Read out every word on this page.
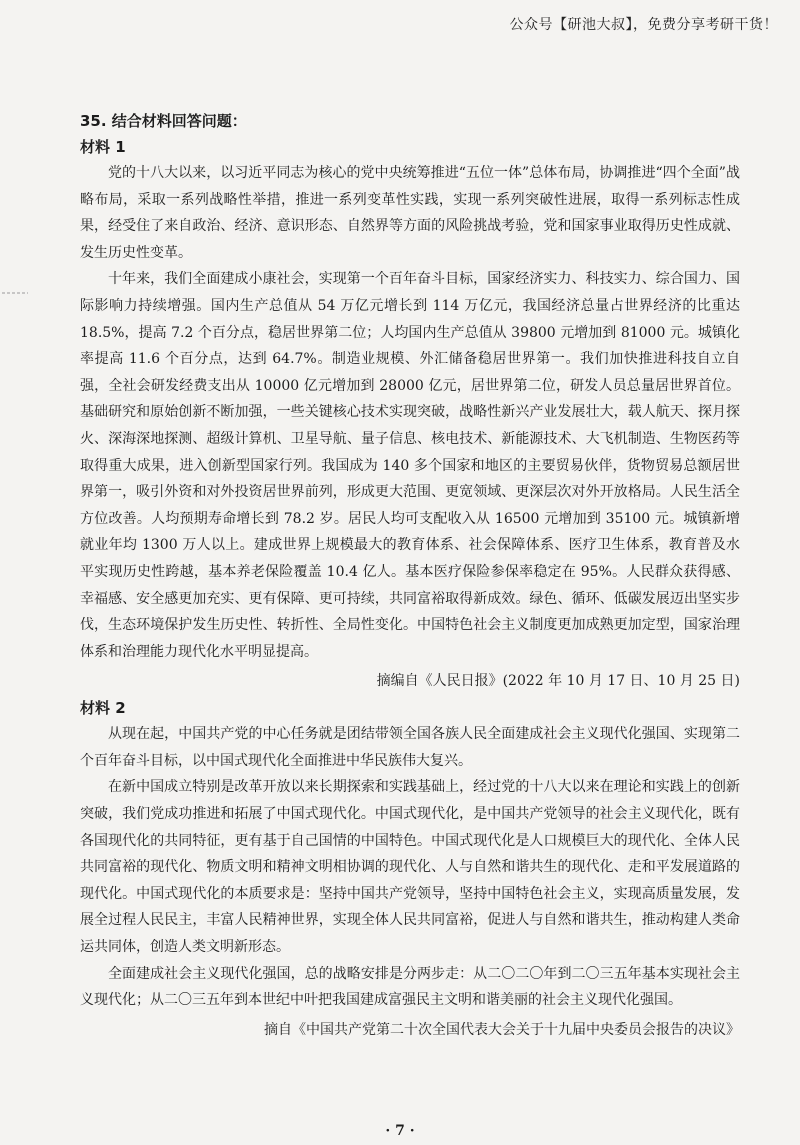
公众号【研池大叔】，免费分享考研干货！

35. 结合材料回答问题：

材料 1

党的十八大以来，以习近平同志为核心的党中央统筹推进“五位一体”总体布局，协调推进“四个全面”战略布局，采取一系列战略性举措，推进一系列变革性实践，实现一系列突破性进展，取得一系列标志性成果，经受住了来自政治、经济、意识形态、自然界等方面的风险挑战考验，党和国家事业取得历史性成就、发生历史性变革。

十年来，我们全面建成小康社会，实现第一个百年奋斗目标，国家经济实力、科技实力、综合国力、国际影响力持续增强。国内生产总值从 54 万亿元增长到 114 万亿元，我国经济总量占世界经济的比重达 18.5%，提高 7.2 个百分点，稳居世界第二位；人均国内生产总值从 39800 元增加到 81000 元。城镇化率提高 11.6 个百分点，达到 64.7%。制造业规模、外汇储备稳居世界第一。我们加快推进科技自立自强，全社会研发经费支出从 10000 亿元增加到 28000 亿元，居世界第二位，研发人员总量居世界首位。基础研究和原始创新不断加强，一些关键核心技术实现突破，战略性新兴产业发展壮大，载人航天、探月探火、深海深地探测、超级计算机、卫星导航、量子信息、核电技术、新能源技术、大飞机制造、生物医药等取得重大成果，进入创新型国家行列。我国成为 140 多个国家和地区的主要贸易伙伴，货物贸易总额居世界第一，吸引外资和对外投资居世界前列，形成更大范围、更宽领域、更深层次对外开放格局。人民生活全方位改善。人均预期寿命增长到 78.2 岁。居民人均可支配收入从 16500 元增加到 35100 元。城镇新增就业年均 1300 万人以上。建成世界上规模最大的教育体系、社会保障体系、医疗卫生体系，教育普及水平实现历史性跨越，基本养老保险覆盖 10.4 亿人。基本医疗保险参保率稳定在 95%。人民群众获得感、幸福感、安全感更加充实、更有保障、更可持续，共同富裕取得新成效。绿色、循环、低碳发展迈出坚实步伐，生态环境保护发生历史性、转折性、全局性变化。中国特色社会主义制度更加成熟更加定型，国家治理体系和治理能力现代化水平明显提高。

摘编自《人民日报》(2022 年 10 月 17 日、10 月 25 日)

材料 2

从现在起，中国共产党的中心任务就是团结带领全国各族人民全面建成社会主义现代化强国、实现第二个百年奋斗目标，以中国式现代化全面推进中华民族伟大复兴。

在新中国成立特别是改革开放以来长期探索和实践基础上，经过党的十八大以来在理论和实践上的创新突破，我们党成功推进和拓展了中国式现代化。中国式现代化，是中国共产党领导的社会主义现代化，既有各国现代化的共同特征，更有基于自己国情的中国特色。中国式现代化是人口规模巨大的现代化、全体人民共同富裕的现代化、物质文明和精神文明相协调的现代化、人与自然和谐共生的现代化、走和平发展道路的现代化。中国式现代化的本质要求是：坚持中国共产党领导，坚持中国特色社会主义，实现高质量发展，发展全过程人民民主，丰富人民精神世界，实现全体人民共同富裕，促进人与自然和谐共生，推动构建人类命运共同体，创造人类文明新形态。

全面建成社会主义现代化强国，总的战略安排是分两步走：从二〇二〇年到二〇三五年基本实现社会主义现代化；从二〇三五年到本世纪中叶把我国建成富强民主文明和谐美丽的社会主义现代化强国。

摘自《中国共产党第二十次全国代表大会关于十九届中央委员会报告的决议》

· 7 ·
